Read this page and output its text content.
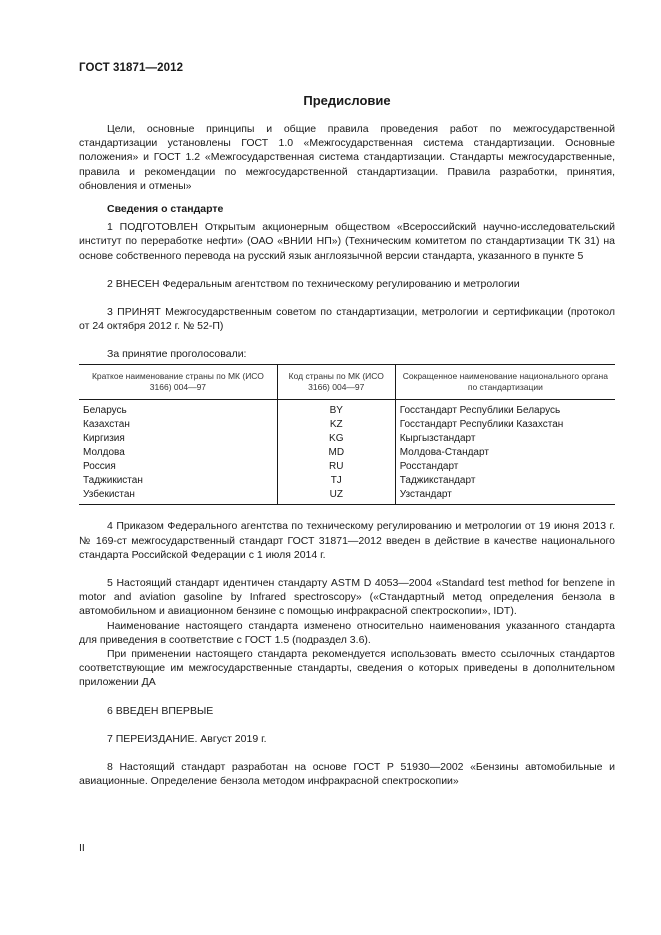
ГОСТ 31871—2012
Предисловие

Цели, основные принципы и общие правила проведения работ по межгосударственной стандартизации установлены ГОСТ 1.0 «Межгосударственная система стандартизации. Основные положения» и ГОСТ 1.2 «Межгосударственная система стандартизации. Стандарты межгосударственные, правила и рекомендации по межгосударственной стандартизации. Правила разработки, принятия, обновления и отмены»

Сведения о стандарте

1 ПОДГОТОВЛЕН Открытым акционерным обществом «Всероссийский научно-исследовательский институт по переработке нефти» (ОАО «ВНИИ НП») (Техническим комитетом по стандартизации ТК 31) на основе собственного перевода на русский язык англоязычной версии стандарта, указанного в пункте 5

2 ВНЕСЕН Федеральным агентством по техническому регулированию и метрологии

3 ПРИНЯТ Межгосударственным советом по стандартизации, метрологии и сертификации (протокол от 24 октября 2012 г. № 52-П)

За принятие проголосовали:

Краткое наименование страны по МК (ИСО 3166) 004—97	Код страны по МК (ИСО 3166) 004—97	Сокращенное наименование национального органа по стандартизации
Беларусь	BY	Госстандарт Республики Беларусь
Казахстан	KZ	Госстандарт Республики Казахстан
Киргизия	KG	Кыргызстандарт
Молдова	MD	Молдова-Стандарт
Россия	RU	Росстандарт
Таджикистан	TJ	Таджикстандарт
Узбекистан	UZ	Узстандарт

4 Приказом Федерального агентства по техническому регулированию и метрологии от 19 июня 2013 г. № 169-ст межгосударственный стандарт ГОСТ 31871—2012 введен в действие в качестве национального стандарта Российской Федерации с 1 июля 2014 г.

5 Настоящий стандарт идентичен стандарту ASTM D 4053—2004 «Standard test method for benzene in motor and aviation gasoline by Infrared spectroscopy» («Стандартный метод определения бензола в автомобильном и авиационном бензине с помощью инфракрасной спектроскопии», IDT).

Наименование настоящего стандарта изменено относительно наименования указанного стандарта для приведения в соответствие с ГОСТ 1.5 (подраздел 3.6).

При применении настоящего стандарта рекомендуется использовать вместо ссылочных стандартов соответствующие им межгосударственные стандарты, сведения о которых приведены в дополнительном приложении ДА

6 ВВЕДЕН ВПЕРВЫЕ

7 ПЕРЕИЗДАНИЕ. Август 2019 г.

8 Настоящий стандарт разработан на основе ГОСТ Р 51930—2002 «Бензины автомобильные и авиационные. Определение бензола методом инфракрасной спектроскопии»

II
